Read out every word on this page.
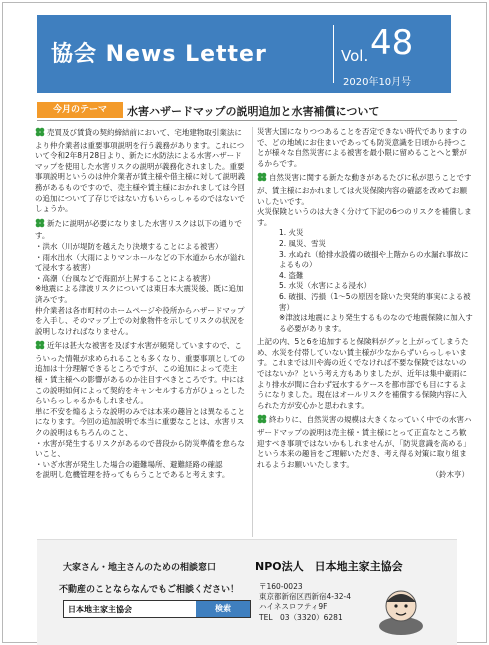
協会 News Letter	Vol. 48
2020年10月号
今月のテーマ	水害ハザードマップの説明追加と水害補償について
売買及び賃貸の契約締結前において、宅地建物取引業法により仲介業者は重要事項説明を行う義務があります。これについて令和2年8月28日より、新たに水防法による水害ハザードマップを使用した水害リスクの説明が義務化されました。重要事項説明というのは仲介業者が賃主様や借主様に対して説明義務があるものですので、売主様や賃主様におかれましては今回の追加について了存じではない方もいらっしゃるのではないでしょうか。
新たに説明が必要になりました水害リスクは以下の通りです。
・洪水（川が堤防を越えたり決壊することによる被害）
・雨水出水（大雨によりマンホールなどの下水道から水が溢れて浸水する被害）
・高潮（台風などで海面が上昇することによる被害）
※地震による津波リスクについては東日本大震災後、既に追加済みです。
仲介業者は各市町村のホームページや役所からハザードマップを入手し、そのマップ上での対象物件を示してリスクの状況を説明しなければなりません。
近年は甚大な被害を及ぼす水害が頻発していますので、こういった情報が求められることも多くなり、重要事項としての追加は十分理解できるところですが、この追加によって売主様・賃主様への影響があるのか注目すべきところです。中にはこの説明如何によって契約をキャンセルする方がひょっとしたらいらっしゃるかもしれません。
単に不安を煽るような説明のみでは本来の趣旨とは異なることになります。今回の追加説明で本当に重要なことは、水害リスクの説明はもちろんのこと、
・水害が発生するリスクがあるので普段から防災準備を怠らないこと、
・いざ水害が発生した場合の避難場所、避難経路の確認
を説明し危機管理を持ってもらうことであると考えます。
災害大国になりつつあることを否定できない時代でありますので、どの地域にお住まいであっても防災意識を日頃から持つことが様々な自然災害による被害を最小限に留めることへと繋がるからです。
自然災害に関する新たな動きがあるたびに私が思うことですが、賃主様におかれましては火災保険内容の確認を改めてお願いしたいです。
火災保険というのは大きく分けて下記の6つのリスクを補償します。
1. 火災
2. 風災、雪災
3. 水ぬれ（給排水設備の破損や上階からの水漏れ事故によるもの）
4. 盗難
5. 水災（水害による浸水）
6. 破損、汚損（1〜5の原因を除いた突発的事実による被害）
※津波は地震により発生するものなので地震保険に加入する必要があります。
上記の内、5と6を追加すると保険料がグッと上がってしまうため、水災を付帯していない賃主様が少なからずいらっしゃいます。これまでは川や海の近くでなければ不要な保険ではないのではないか？という考え方もありましたが、近年は集中豪雨により排水が間に合わず冠水するケースを都市部でも目にするようになりました。現在はオールリスクを補償する保険内容に入られた方が安心かと思われます。
終わりに、自然災害の規模は大きくなっていく中での水害ハザードマップの説明は売主様・賃主様にとって正直なところ歓迎すべき事項ではないかもしれませんが、「防災意識を高める」という本来の趣旨をご理解いただき、考え得る対策に取り組まれるようお願いいたします。
（鈴木亨）
大家さん・地主さんのための相談窓口
不動産のことならなんでもご相談ください！
日本地主家主協会	検索
NPO法人　日本地主家主協会
〒160-0023
東京都新宿区西新宿4-32-4
ハイネスロフティ9F
TEL　03（3320）6281
